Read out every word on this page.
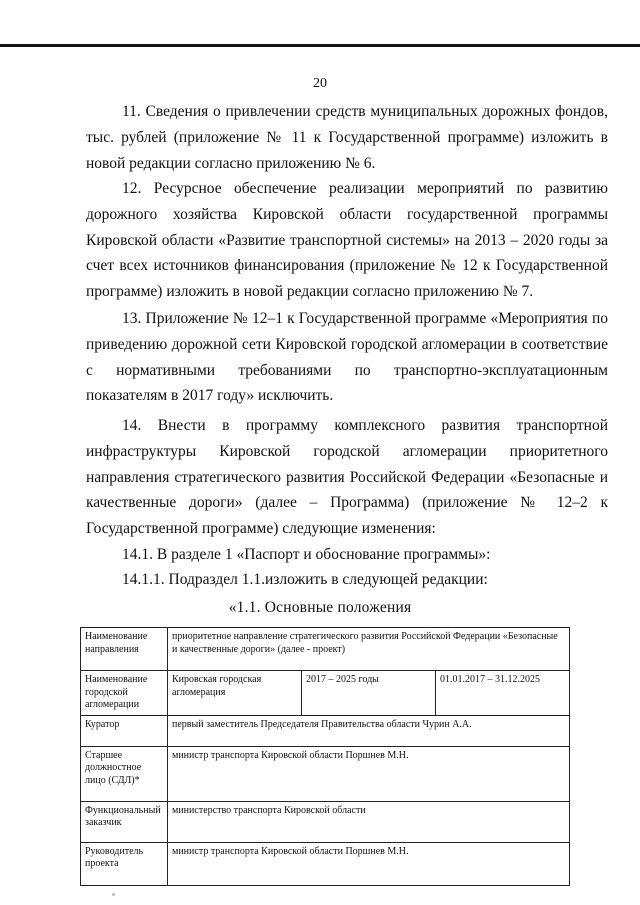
20
11. Сведения о привлечении средств муниципальных дорожных фондов, тыс. рублей (приложение № 11 к Государственной программе) изложить в новой редакции согласно приложению № 6.
12. Ресурсное обеспечение реализации мероприятий по развитию дорожного хозяйства Кировской области государственной программы Кировской области «Развитие транспортной системы» на 2013 – 2020 годы за счет всех источников финансирования (приложение № 12 к Государственной программе) изложить в новой редакции согласно приложению № 7.
13. Приложение № 12–1 к Государственной программе «Мероприятия по приведению дорожной сети Кировской городской агломерации в соответствие с нормативными требованиями по транспортно-эксплуатационным показателям в 2017 году» исключить.
14. Внести в программу комплексного развития транспортной инфраструктуры Кировской городской агломерации приоритетного направления стратегического развития Российской Федерации «Безопасные и качественные дороги» (далее – Программа) (приложение № 12–2 к Государственной программе) следующие изменения:
14.1. В разделе 1 «Паспорт и обоснование программы»:
14.1.1. Подраздел 1.1.изложить в следующей редакции:
«1.1. Основные положения
Наименование направления	приоритетное направление стратегического развития Российской Федерации «Безопасные и качественные дороги» (далее - проект)		
Наименование городской агломерации	Кировская городская агломерация	2017 – 2025 годы	01.01.2017 – 31.12.2025
Куратор	первый заместитель Председателя Правительства области Чурин А.А.		
Старшее должностное лицо (СДЛ)*	министр транспорта Кировской области Поршнев М.Н.		
Функциональный заказчик	министерство транспорта Кировской области		
Руководитель проекта	министр транспорта Кировской области Поршнев М.Н.		
